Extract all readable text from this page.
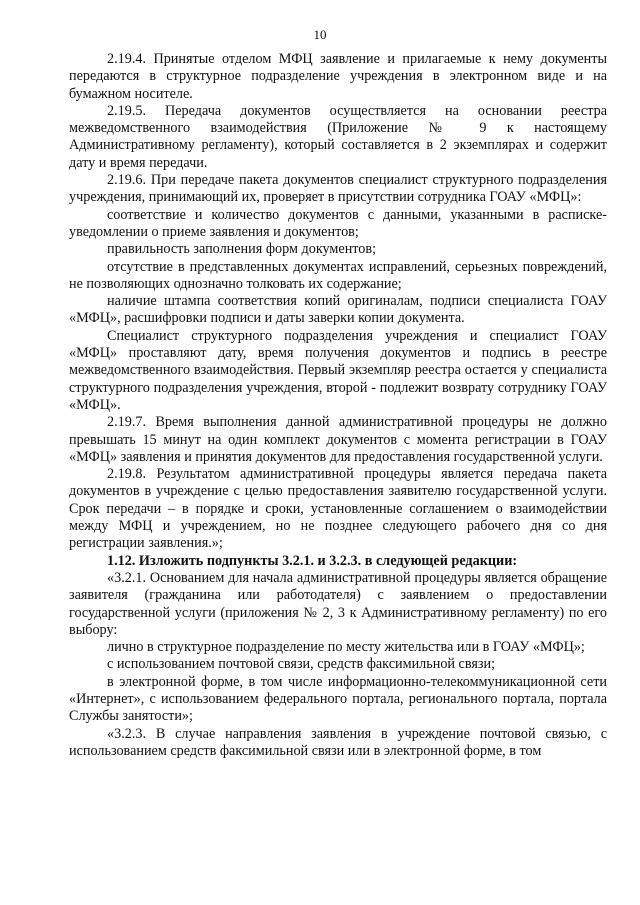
10

2.19.4. Принятые отделом МФЦ заявление и прилагаемые к нему документы передаются в структурное подразделение учреждения в электронном виде и на бумажном носителе.

2.19.5. Передача документов осуществляется на основании реестра межведомственного взаимодействия (Приложение № 9 к настоящему Административному регламенту), который составляется в 2 экземплярах и содержит дату и время передачи.

2.19.6. При передаче пакета документов специалист структурного подразделения учреждения, принимающий их, проверяет в присутствии сотрудника ГОАУ «МФЦ»:

соответствие и количество документов с данными, указанными в расписке-уведомлении о приеме заявления и документов;

правильность заполнения форм документов;

отсутствие в представленных документах исправлений, серьезных повреждений, не позволяющих однозначно толковать их содержание;

наличие штампа соответствия копий оригиналам, подписи специалиста ГОАУ «МФЦ», расшифровки подписи и даты заверки копии документа.

Специалист структурного подразделения учреждения и специалист ГОАУ «МФЦ» проставляют дату, время получения документов и подпись в реестре межведомственного взаимодействия. Первый экземпляр реестра остается у специалиста структурного подразделения учреждения, второй - подлежит возврату сотруднику ГОАУ «МФЦ».

2.19.7. Время выполнения данной административной процедуры не должно превышать 15 минут на один комплект документов с момента регистрации в ГОАУ «МФЦ» заявления и принятия документов для предоставления государственной услуги.

2.19.8. Результатом административной процедуры является передача пакета документов в учреждение с целью предоставления заявителю государственной услуги. Срок передачи – в порядке и сроки, установленные соглашением о взаимодействии между МФЦ и учреждением, но не позднее следующего рабочего дня со дня регистрации заявления.»;

1.12. Изложить подпункты 3.2.1. и 3.2.3. в следующей редакции:

«3.2.1. Основанием для начала административной процедуры является обращение заявителя (гражданина или работодателя) с заявлением о предоставлении государственной услуги (приложения № 2, 3 к Административному регламенту) по его выбору:

лично в структурное подразделение по месту жительства или в ГОАУ «МФЦ»;

с использованием почтовой связи, средств факсимильной связи;

в электронной форме, в том числе информационно-телекоммуникационной сети «Интернет», с использованием федерального портала, регионального портала, портала Службы занятости»;

«3.2.3. В случае направления заявления в учреждение почтовой связью, с использованием средств факсимильной связи или в электронной форме, в том
